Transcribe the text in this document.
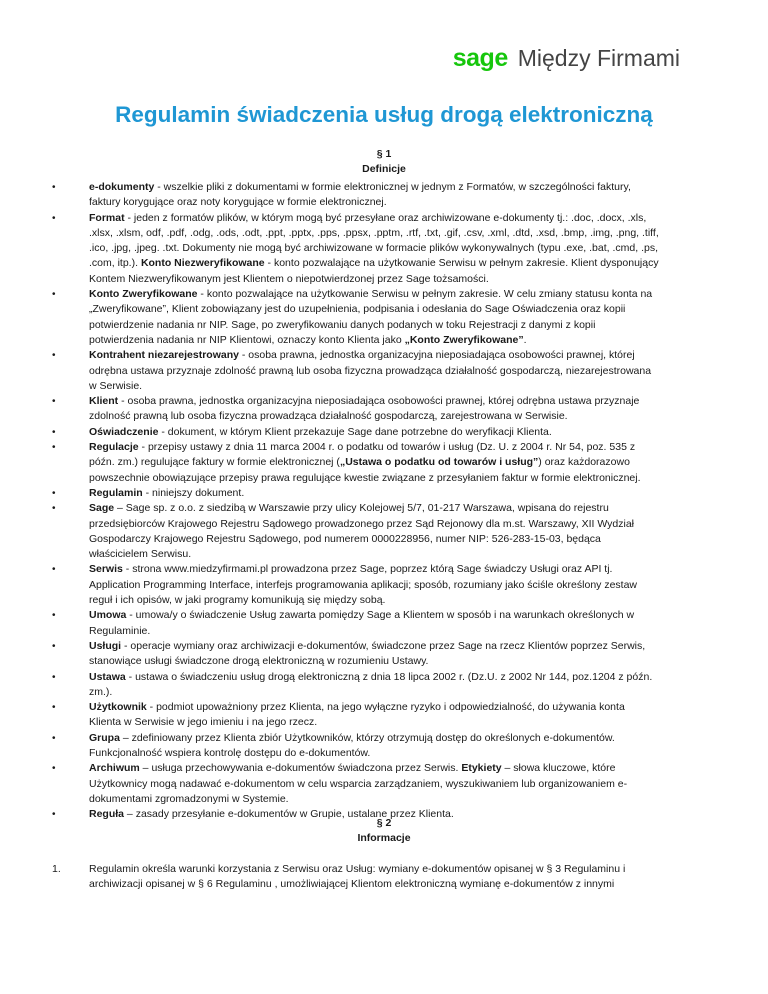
sage Między Firmami
Regulamin świadczenia usług drogą elektroniczną
§ 1
Definicje
• e-dokumenty - wszelkie pliki z dokumentami w formie elektronicznej w jednym z Formatów, w szczególności faktury, faktury korygujące oraz noty korygujące w formie elektronicznej.
• Format - jeden z formatów plików, w którym mogą być przesyłane oraz archiwizowane e-dokumenty tj.: .doc, .docx, .xls, .xlsx, .xlsm, odf, .pdf, .odg, .ods, .odt, .ppt, .pptx, .pps, .ppsx, .pptm, .rtf, .txt, .gif, .csv, .xml, .dtd, .xsd, .bmp, .img, .png, .tiff, .ico, .jpg, .jpeg. .txt. Dokumenty nie mogą być archiwizowane w formacie plików wykonywalnych (typu .exe, .bat, .cmd, .ps, .com, itp.). Konto Niezweryfikowane - konto pozwalające na użytkowanie Serwisu w pełnym zakresie. Klient dysponujący Kontem Niezweryfikowanym jest Klientem o niepotwierdzonej przez Sage tożsamości.
• Konto Zweryfikowane - konto pozwalające na użytkowanie Serwisu w pełnym zakresie. W celu zmiany statusu konta na „Zweryfikowane”, Klient zobowiązany jest do uzupełnienia, podpisania i odesłania do Sage Oświadczenia oraz kopii potwierdzenie nadania nr NIP. Sage, po zweryfikowaniu danych podanych w toku Rejestracji z danymi z kopii potwierdzenia nadania nr NIP Klientowi, oznaczy konto Klienta jako „Konto Zweryfikowane”.
• Kontrahent niezarejestrowany - osoba prawna, jednostka organizacyjna nieposiadająca osobowości prawnej, której odrębna ustawa przyznaje zdolność prawną lub osoba fizyczna prowadząca działalność gospodarczą, niezarejestrowana w Serwisie.
• Klient - osoba prawna, jednostka organizacyjna nieposiadająca osobowości prawnej, której odrębna ustawa przyznaje zdolność prawną lub osoba fizyczna prowadząca działalność gospodarczą, zarejestrowana w Serwisie.
• Oświadczenie - dokument, w którym Klient przekazuje Sage dane potrzebne do weryfikacji Klienta.
• Regulacje - przepisy ustawy z dnia 11 marca 2004 r. o podatku od towarów i usług (Dz. U. z 2004 r. Nr 54, poz. 535 z późn. zm.) regulujące faktury w formie elektronicznej („Ustawa o podatku od towarów i usług”) oraz każdorazowo powszechnie obowiązujące przepisy prawa regulujące kwestie związane z przesyłaniem faktur w formie elektronicznej.
• Regulamin - niniejszy dokument.
• Sage – Sage sp. z o.o. z siedzibą w Warszawie przy ulicy Kolejowej 5/7, 01-217 Warszawa, wpisana do rejestru przedsiębiorców Krajowego Rejestru Sądowego prowadzonego przez Sąd Rejonowy dla m.st. Warszawy, XII Wydział Gospodarczy Krajowego Rejestru Sądowego, pod numerem 0000228956, numer NIP: 526-283-15-03, będąca właścicielem Serwisu.
• Serwis - strona www.miedzyfirmami.pl prowadzona przez Sage, poprzez którą Sage świadczy Usługi oraz API tj. Application Programming Interface, interfejs programowania aplikacji; sposób, rozumiany jako ściśle określony zestaw reguł i ich opisów, w jaki programy komunikują się między sobą.
• Umowa - umowa/y o świadczenie Usług zawarta pomiędzy Sage a Klientem w sposób i na warunkach określonych w Regulaminie.
• Usługi - operacje wymiany oraz archiwizacji e-dokumentów, świadczone przez Sage na rzecz Klientów poprzez Serwis, stanowiące usługi świadczone drogą elektroniczną w rozumieniu Ustawy.
• Ustawa - ustawa o świadczeniu usług drogą elektroniczną z dnia 18 lipca 2002 r. (Dz.U. z 2002 Nr 144, poz.1204 z późn. zm.).
• Użytkownik - podmiot upoważniony przez Klienta, na jego wyłączne ryzyko i odpowiedzialność, do używania konta Klienta w Serwisie w jego imieniu i na jego rzecz.
• Grupa – zdefiniowany przez Klienta zbiór Użytkowników, którzy otrzymują dostęp do określonych e-dokumentów. Funkcjonalność wspiera kontrolę dostępu do e-dokumentów.
• Archiwum – usługa przechowywania e-dokumentów świadczona przez Serwis. Etykiety – słowa kluczowe, które Użytkownicy mogą nadawać e-dokumentom w celu wsparcia zarządzaniem, wyszukiwaniem lub organizowaniem e-dokumentami zgromadzonymi w Systemie.
• Reguła – zasady przesyłanie e-dokumentów w Grupie, ustalane przez Klienta.
§ 2
Informacje
1.	Regulamin określa warunki korzystania z Serwisu oraz Usług: wymiany e-dokumentów opisanej w § 3 Regulaminu i archiwizacji opisanej w § 6 Regulaminu , umożliwiającej Klientom elektroniczną wymianę e-dokumentów z innymi
